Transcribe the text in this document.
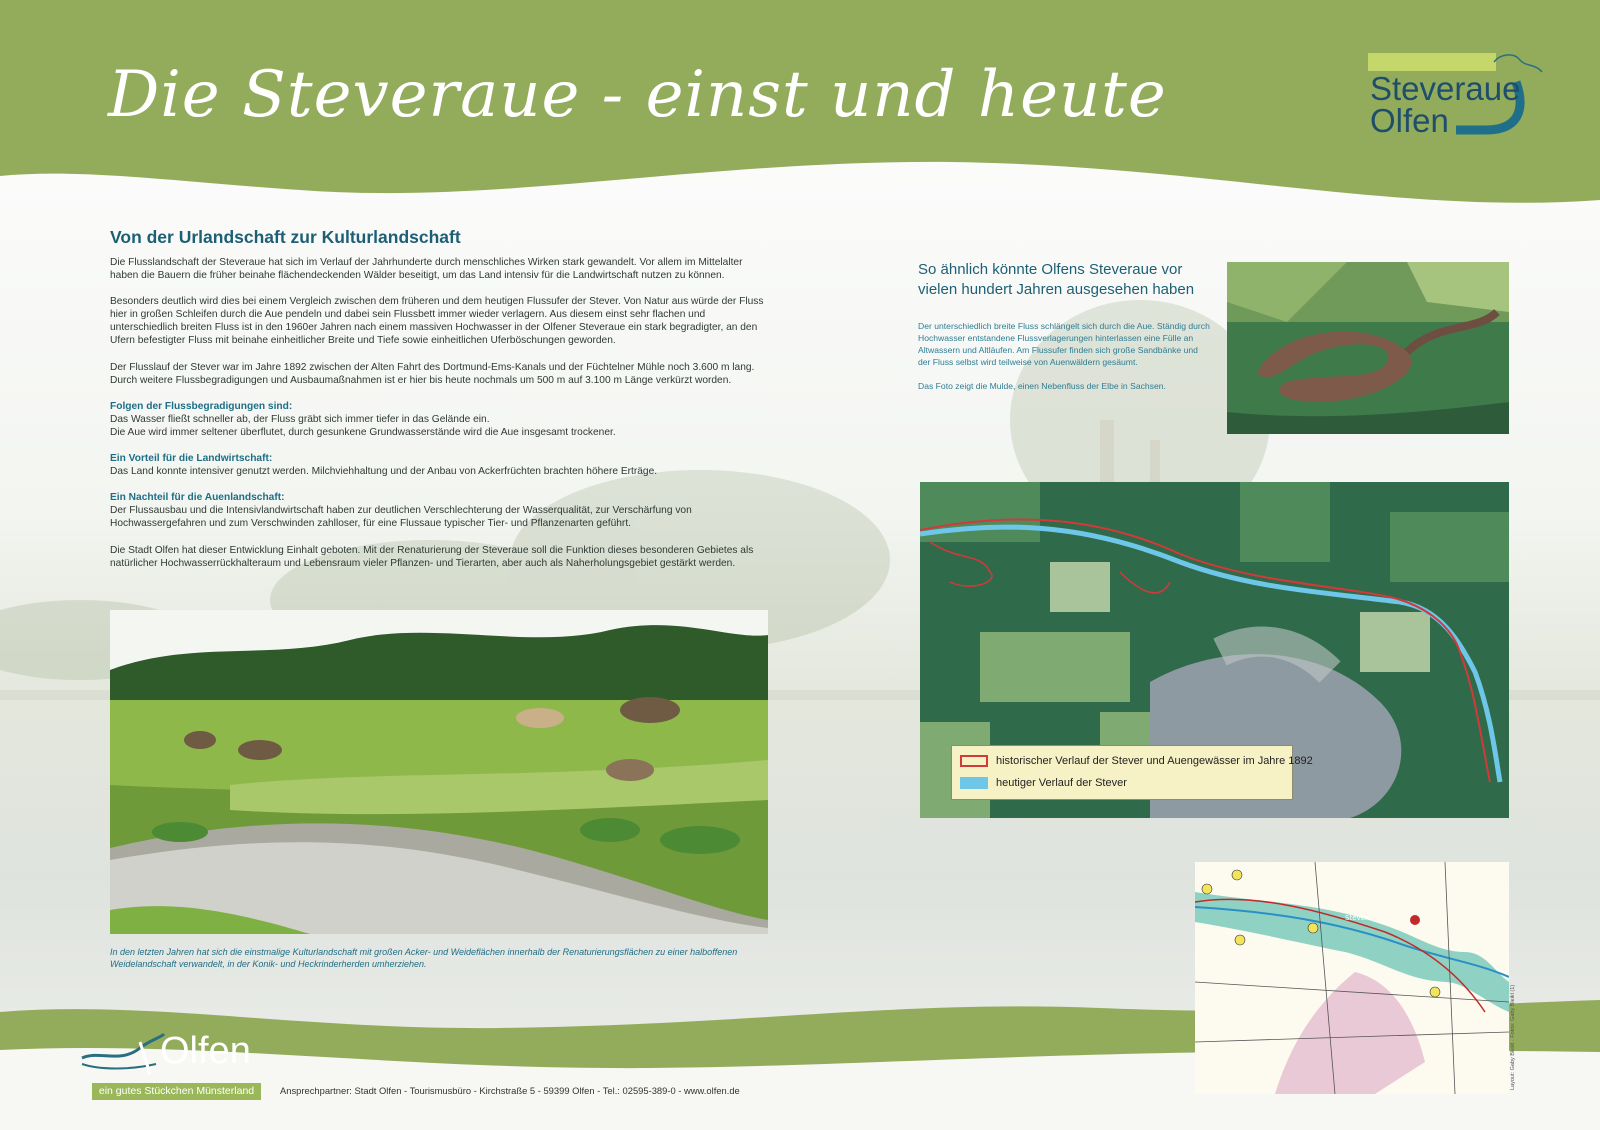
Die Steveraue - einst und heute	Steveraue
Olfen
Von der Urlandschaft zur Kulturlandschaft

Die Flusslandschaft der Steveraue hat sich im Verlauf der Jahrhunderte durch menschliches Wirken stark gewandelt. Vor allem im Mittelalter haben die Bauern die früher beinahe flächendeckenden Wälder beseitigt, um das Land intensiv für die Landwirtschaft nutzen zu können.

Besonders deutlich wird dies bei einem Vergleich zwischen dem früheren und dem heutigen Flussufer der Stever. Von Natur aus würde der Fluss hier in großen Schleifen durch die Aue pendeln und dabei sein Flussbett immer wieder verlagern. Aus diesem einst sehr flachen und unterschiedlich breiten Fluss ist in den 1960er Jahren nach einem massiven Hochwasser in der Olfener Steveraue ein stark begradigter, an den Ufern befestigter Fluss mit beinahe einheitlicher Breite und Tiefe sowie einheitlichen Uferböschungen geworden.

Der Flusslauf der Stever war im Jahre 1892 zwischen der Alten Fahrt des Dortmund-Ems-Kanals und der Füchtelner Mühle noch 3.600 m lang. Durch weitere Flussbegradigungen und Ausbaumaßnahmen ist er hier bis heute nochmals um 500 m auf 3.100 m Länge verkürzt worden.

Folgen der Flussbegradigungen sind:
Das Wasser fließt schneller ab, der Fluss gräbt sich immer tiefer in das Gelände ein.
Die Aue wird immer seltener überflutet, durch gesunkene Grundwasserstände wird die Aue insgesamt trockener.

Ein Vorteil für die Landwirtschaft:
Das Land konnte intensiver genutzt werden. Milchviehhaltung und der Anbau von Ackerfrüchten brachten höhere Erträge.

Ein Nachteil für die Auenlandschaft:
Der Flussausbau und die Intensivlandwirtschaft haben zur deutlichen Verschlechterung der Wasserqualität, zur Verschärfung von Hochwassergefahren und zum Verschwinden zahlloser, für eine Flussaue typischer Tier- und Pflanzenarten geführt.

Die Stadt Olfen hat dieser Entwicklung Einhalt geboten. Mit der Renaturierung der Steveraue soll die Funktion dieses besonderen Gebietes als natürlicher Hochwasserrückhalteraum und Lebensraum vieler Pflanzen- und Tierarten, aber auch als Naherholungsgebiet gestärkt werden.

In den letzten Jahren hat sich die einstmalige Kulturlandschaft mit großen Acker- und Weideflächen innerhalb der Renaturierungsflächen zu einer halboffenen Weidelandschaft verwandelt, in der Konik- und Heckrinderherden umherziehen.
So ähnlich könnte Olfens Steveraue vor vielen hundert Jahren ausgesehen haben

Der unterschiedlich breite Fluss schlängelt sich durch die Aue. Ständig durch Hochwasser entstandene Flussverlagerungen hinterlassen eine Fülle an Altwassern und Altläufen. Am Flussufer finden sich große Sandbänke und der Fluss selbst wird teilweise von Auenwäldern gesäumt.

Das Foto zeigt die Mulde, einen Nebenfluss der Elbe in Sachsen.

historischer Verlauf der Stever und Auengewässer im Jahre 1892
heutiger Verlauf der Stever
Stever
Layout: Gaby Bleikl · Fotos: Gaby Bleikl (1)
Olfen
ein gutes Stückchen Münsterland	Ansprechpartner: Stadt Olfen - Tourismusbüro - Kirchstraße 5 - 59399 Olfen - Tel.: 02595-389-0 - www.olfen.de
